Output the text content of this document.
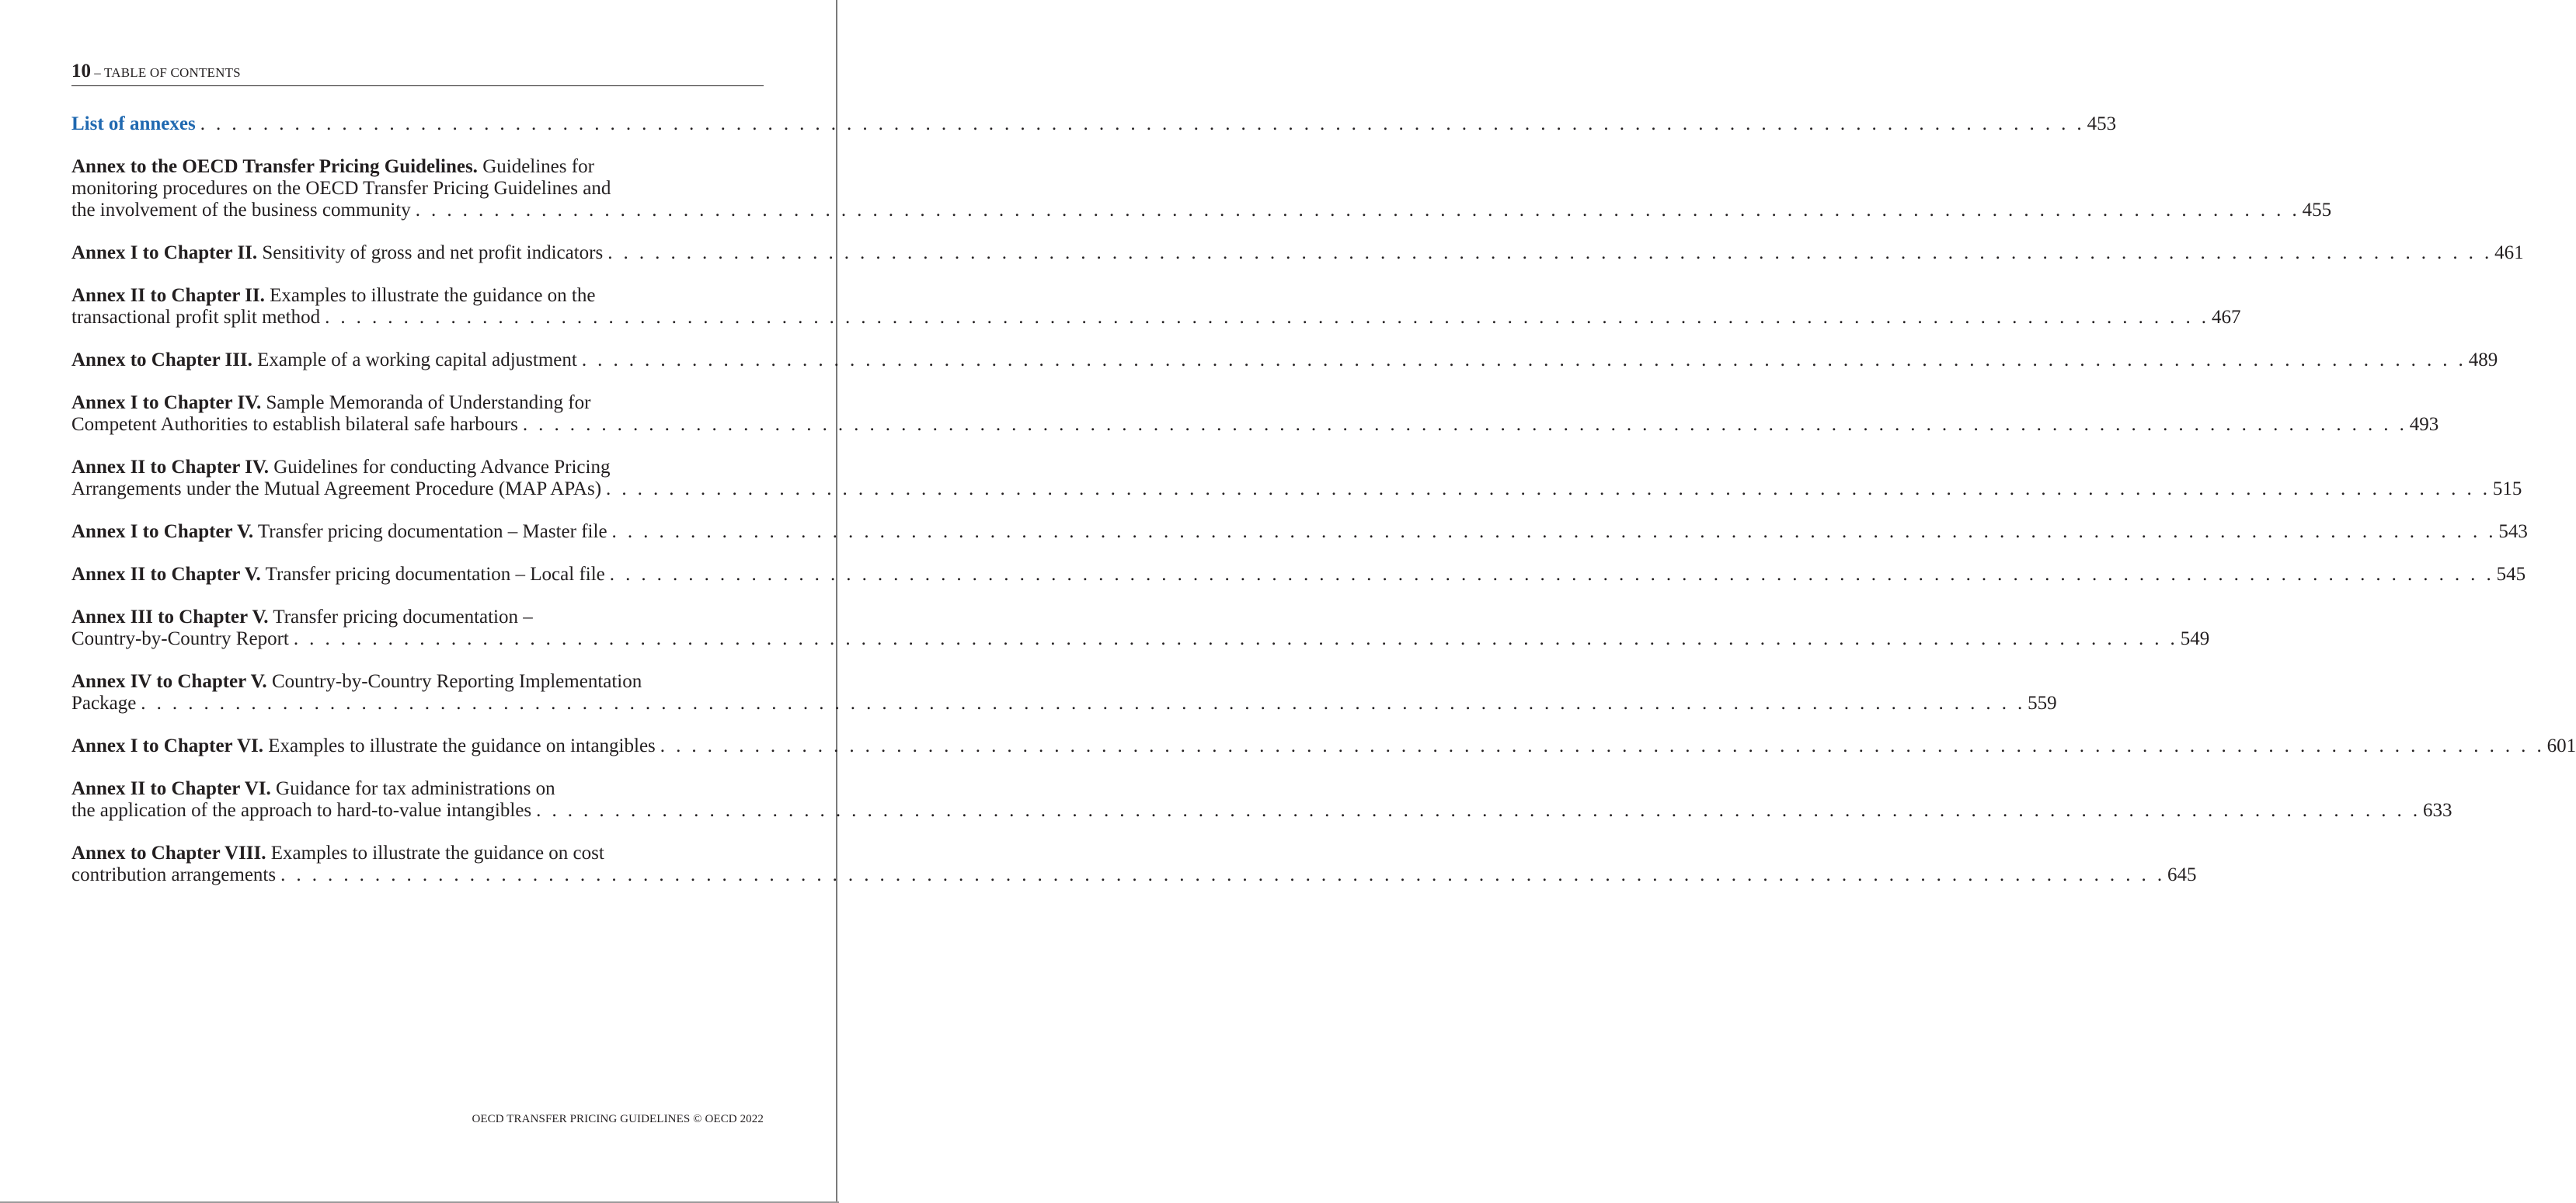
10 – TABLE OF CONTENTS
List of annexes . . . . . . . . . . . . . . . . . . . . . . . . . . . . . . . . . . . . . . . . . . . . . . . . . . . . . . . . . . . . . . . . . . . . . . . . . . . . . . . . . . . . . . . . . . . . . . . . . . . . . . . . . . . . . . . . . . . . . . . . 453
Annex to the OECD Transfer Pricing Guidelines. Guidelines for
monitoring procedures on the OECD Transfer Pricing Guidelines and
the involvement of the business community . . . . . . . . . . . . . . . . . . . . . . . . . . . . . . . . . . . . . . . . . . . . . . . . . . . . . . . . . . . . . . . . . . . . . . . . . . . . . . . . . . . . . . . . . . . . . . . . . . . . . . . . . . . . . . . . . . . . . . . . 455
Annex I to Chapter II. Sensitivity of gross and net profit indicators . . . . . . . . . . . . . . . . . . . . . . . . . . . . . . . . . . . . . . . . . . . . . . . . . . . . . . . . . . . . . . . . . . . . . . . . . . . . . . . . . . . . . . . . . . . . . . . . . . . . . . . . . . . . . . . . . . . . . . . . 461
Annex II to Chapter II. Examples to illustrate the guidance on the
transactional profit split method . . . . . . . . . . . . . . . . . . . . . . . . . . . . . . . . . . . . . . . . . . . . . . . . . . . . . . . . . . . . . . . . . . . . . . . . . . . . . . . . . . . . . . . . . . . . . . . . . . . . . . . . . . . . . . . . . . . . . . . . 467
Annex to Chapter III. Example of a working capital adjustment . . . . . . . . . . . . . . . . . . . . . . . . . . . . . . . . . . . . . . . . . . . . . . . . . . . . . . . . . . . . . . . . . . . . . . . . . . . . . . . . . . . . . . . . . . . . . . . . . . . . . . . . . . . . . . . . . . . . . . . . 489
Annex I to Chapter IV. Sample Memoranda of Understanding for
Competent Authorities to establish bilateral safe harbours . . . . . . . . . . . . . . . . . . . . . . . . . . . . . . . . . . . . . . . . . . . . . . . . . . . . . . . . . . . . . . . . . . . . . . . . . . . . . . . . . . . . . . . . . . . . . . . . . . . . . . . . . . . . . . . . . . . . . . . . 493
Annex II to Chapter IV. Guidelines for conducting Advance Pricing
Arrangements under the Mutual Agreement Procedure (MAP APAs) . . . . . . . . . . . . . . . . . . . . . . . . . . . . . . . . . . . . . . . . . . . . . . . . . . . . . . . . . . . . . . . . . . . . . . . . . . . . . . . . . . . . . . . . . . . . . . . . . . . . . . . . . . . . . . . . . . . . . . . . 515
Annex I to Chapter V. Transfer pricing documentation – Master file . . . . . . . . . . . . . . . . . . . . . . . . . . . . . . . . . . . . . . . . . . . . . . . . . . . . . . . . . . . . . . . . . . . . . . . . . . . . . . . . . . . . . . . . . . . . . . . . . . . . . . . . . . . . . . . . . . . . . . . . 543
Annex II to Chapter V. Transfer pricing documentation – Local file . . . . . . . . . . . . . . . . . . . . . . . . . . . . . . . . . . . . . . . . . . . . . . . . . . . . . . . . . . . . . . . . . . . . . . . . . . . . . . . . . . . . . . . . . . . . . . . . . . . . . . . . . . . . . . . . . . . . . . . . 545
Annex III to Chapter V. Transfer pricing documentation –
Country-by-Country Report . . . . . . . . . . . . . . . . . . . . . . . . . . . . . . . . . . . . . . . . . . . . . . . . . . . . . . . . . . . . . . . . . . . . . . . . . . . . . . . . . . . . . . . . . . . . . . . . . . . . . . . . . . . . . . . . . . . . . . . . 549
Annex IV to Chapter V. Country-by-Country Reporting Implementation
Package . . . . . . . . . . . . . . . . . . . . . . . . . . . . . . . . . . . . . . . . . . . . . . . . . . . . . . . . . . . . . . . . . . . . . . . . . . . . . . . . . . . . . . . . . . . . . . . . . . . . . . . . . . . . . . . . . . . . . . . . 559
Annex I to Chapter VI. Examples to illustrate the guidance on intangibles . . . . . . . . . . . . . . . . . . . . . . . . . . . . . . . . . . . . . . . . . . . . . . . . . . . . . . . . . . . . . . . . . . . . . . . . . . . . . . . . . . . . . . . . . . . . . . . . . . . . . . . . . . . . . . . . . . . . . . . . 601
Annex II to Chapter VI. Guidance for tax administrations on
the application of the approach to hard-to-value intangibles . . . . . . . . . . . . . . . . . . . . . . . . . . . . . . . . . . . . . . . . . . . . . . . . . . . . . . . . . . . . . . . . . . . . . . . . . . . . . . . . . . . . . . . . . . . . . . . . . . . . . . . . . . . . . . . . . . . . . . . . 633
Annex to Chapter VIII. Examples to illustrate the guidance on cost
contribution arrangements . . . . . . . . . . . . . . . . . . . . . . . . . . . . . . . . . . . . . . . . . . . . . . . . . . . . . . . . . . . . . . . . . . . . . . . . . . . . . . . . . . . . . . . . . . . . . . . . . . . . . . . . . . . . . . . . . . . . . . . . 645
OECD TRANSFER PRICING GUIDELINES © OECD 2022
